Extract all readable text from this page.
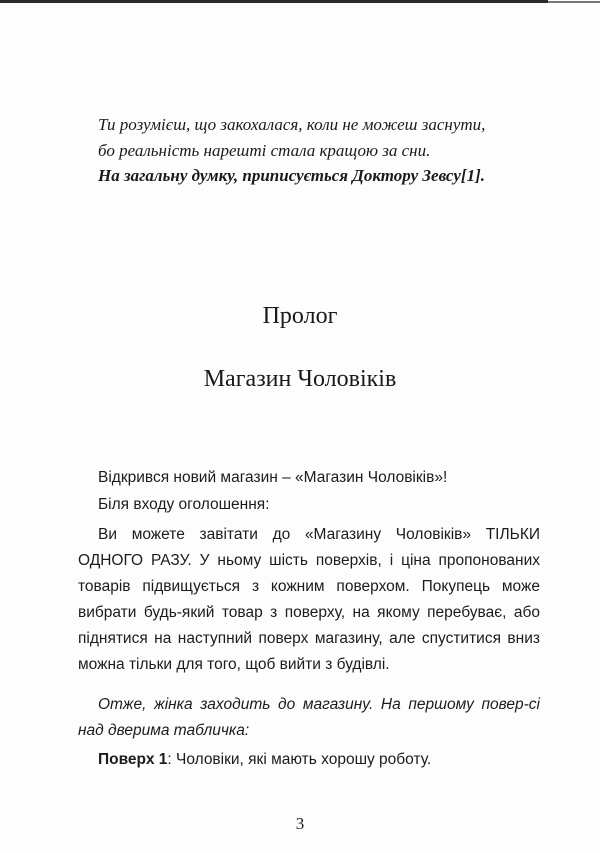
Ти розумієш, що закохалася, коли не можеш заснути,
бо реальність нарешті стала кращою за сни.
На загальну думку, приписується Доктору Зевсу[1].
Пролог
Магазин Чоловіків
Відкрився новий магазин – «Магазин Чоловіків»!
Біля входу оголошення:
Ви можете завітати до «Магазину Чоловіків» ТІЛЬКИ ОДНОГО РАЗУ. У ньому шість поверхів, і ціна пропонованих товарів підвищується з кожним поверхом. Покупець може вибрати будь-який товар з поверху, на якому перебуває, або піднятися на наступний поверх магазину, але спуститися вниз можна тільки для того, щоб вийти з будівлі.
Отже, жінка заходить до магазину. На першому повер-сі над дверима табличка:
Поверх 1: Чоловіки, які мають хорошу роботу.
3
